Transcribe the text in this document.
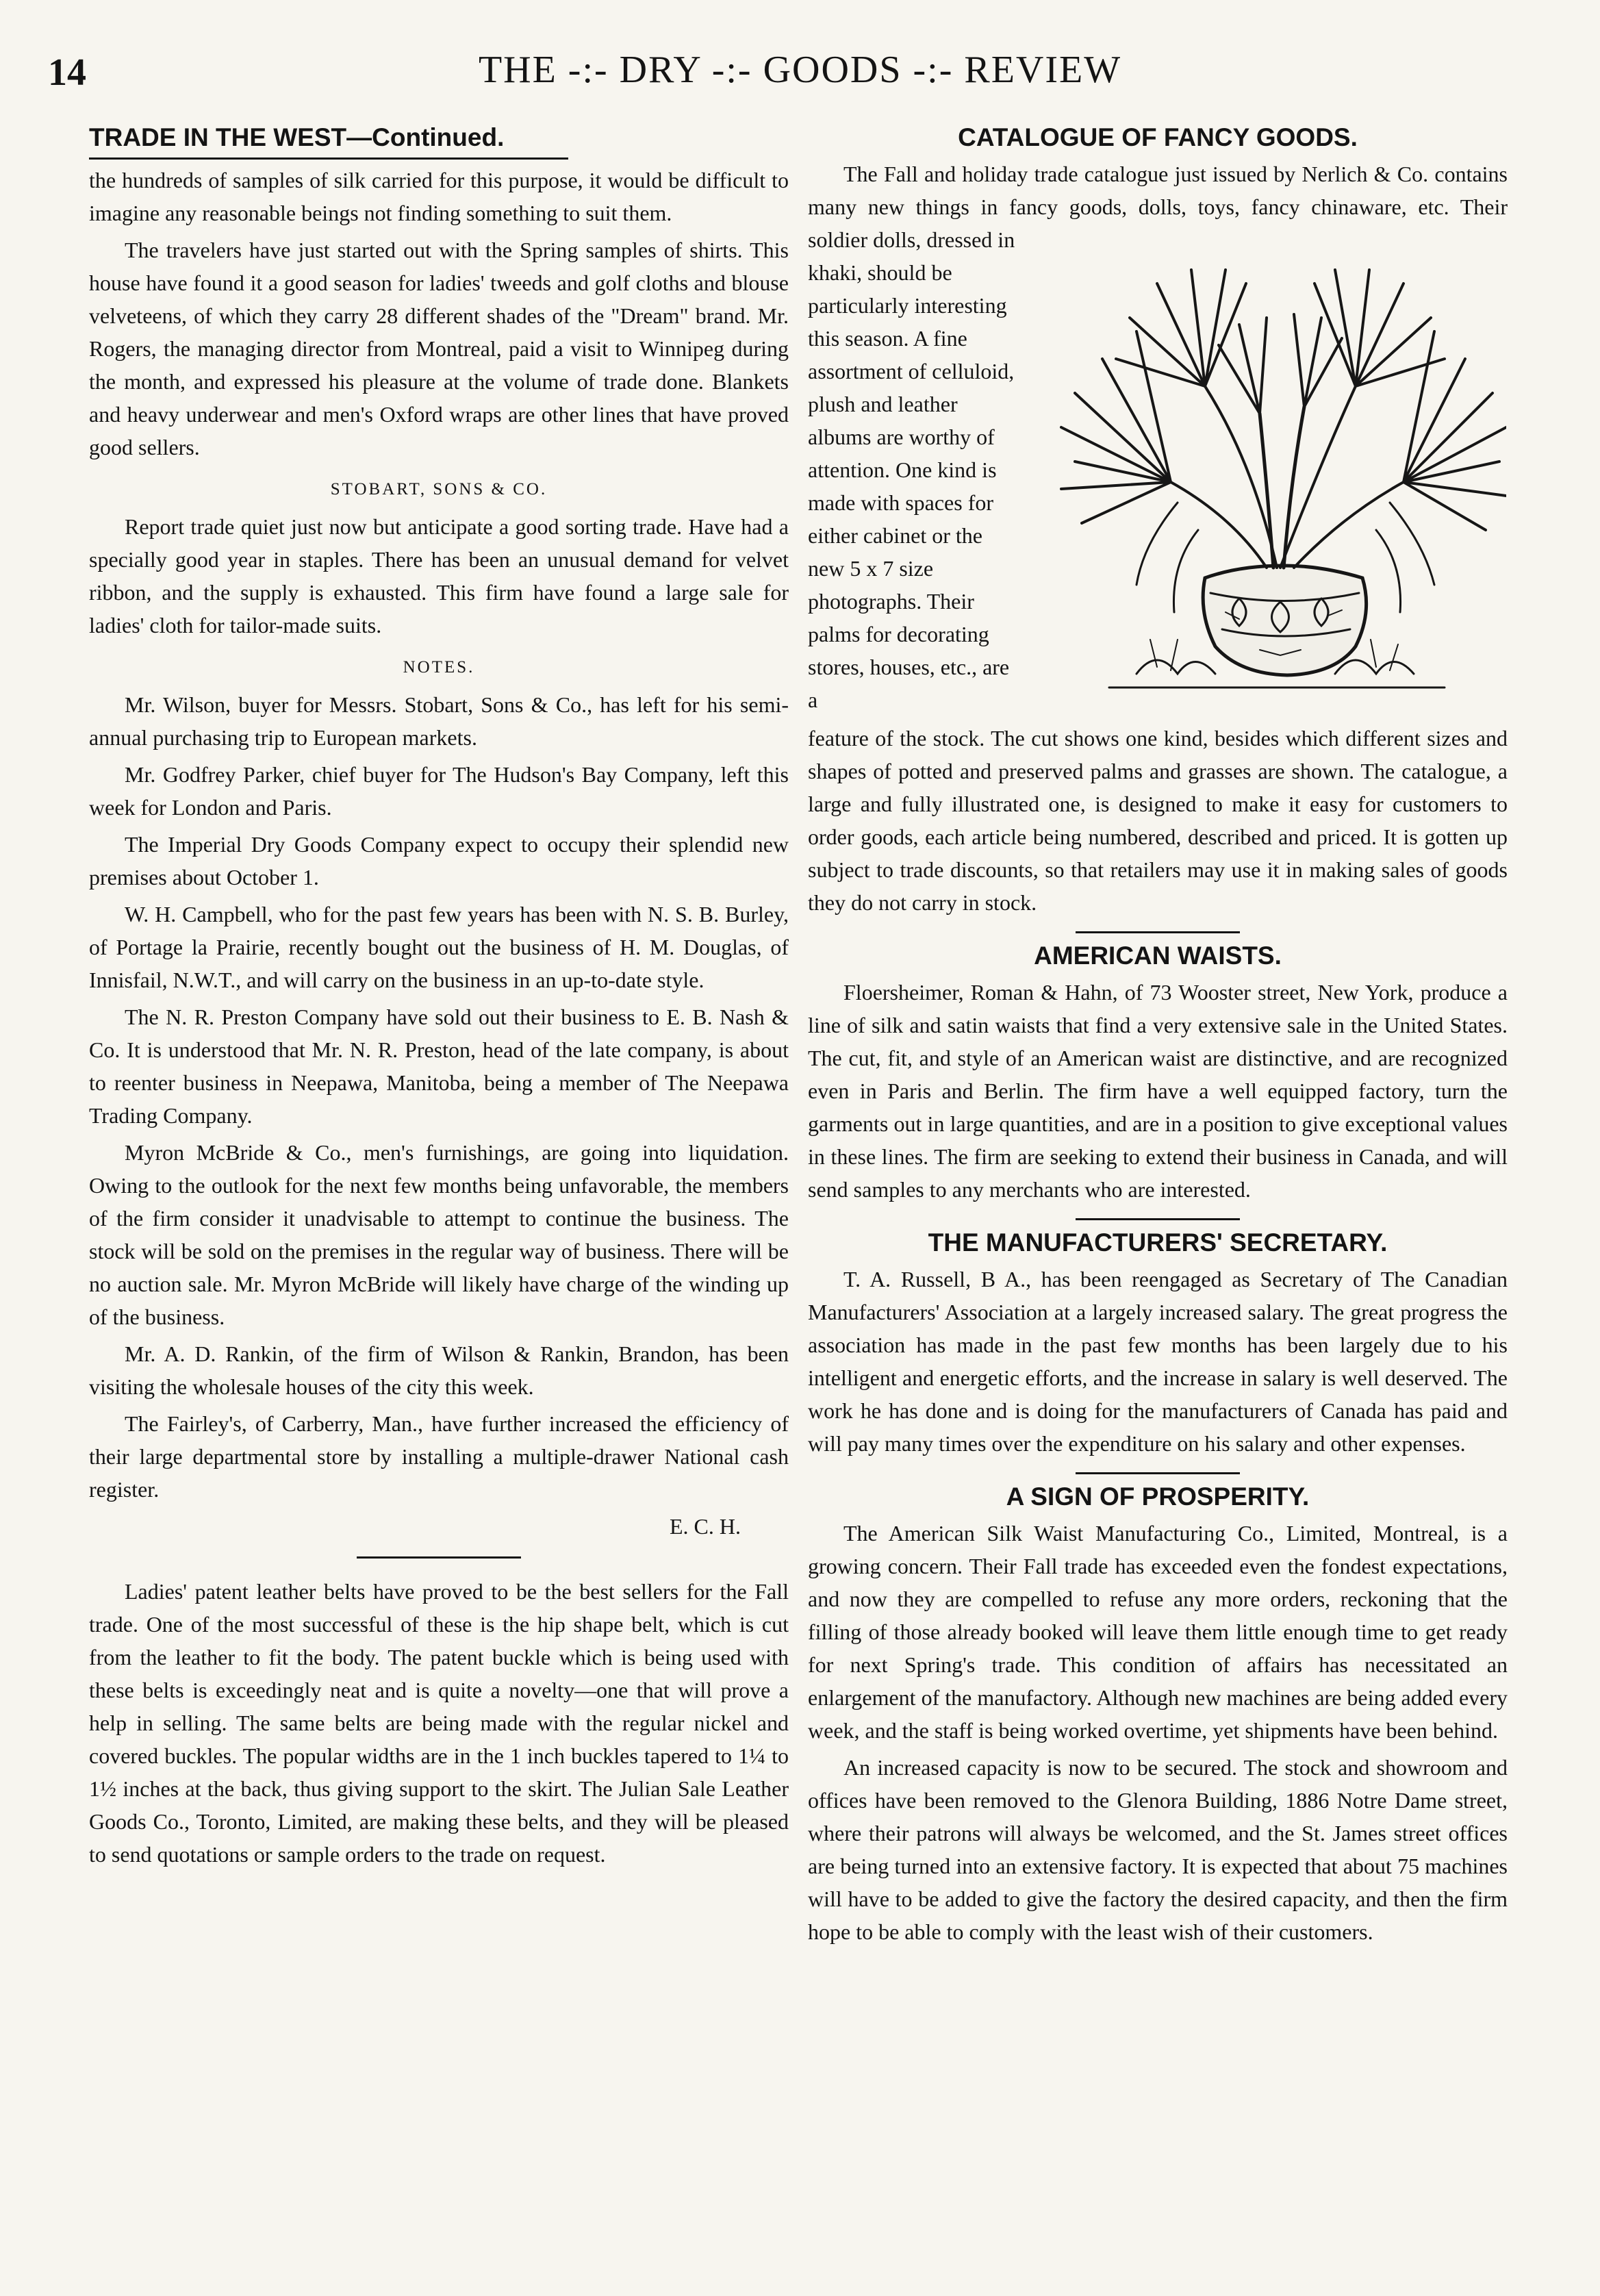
14	THE -:- DRY -:- GOODS -:- REVIEW
TRADE IN THE WEST—Continued.

the hundreds of samples of silk carried for this purpose, it would be difficult to imagine any reasonable beings not finding something to suit them.

The travelers have just started out with the Spring samples of shirts. This house have found it a good season for ladies' tweeds and golf cloths and blouse velveteens, of which they carry 28 different shades of the "Dream" brand. Mr. Rogers, the managing director from Montreal, paid a visit to Winnipeg during the month, and expressed his pleasure at the volume of trade done. Blankets and heavy underwear and men's Oxford wraps are other lines that have proved good sellers.

STOBART, SONS & CO.

Report trade quiet just now but anticipate a good sorting trade. Have had a specially good year in staples. There has been an unusual demand for velvet ribbon, and the supply is exhausted. This firm have found a large sale for ladies' cloth for tailor-made suits.

NOTES.

Mr. Wilson, buyer for Messrs. Stobart, Sons & Co., has left for his semi-annual purchasing trip to European markets.

Mr. Godfrey Parker, chief buyer for The Hudson's Bay Company, left this week for London and Paris.

The Imperial Dry Goods Company expect to occupy their splendid new premises about October 1.

W. H. Campbell, who for the past few years has been with N. S. B. Burley, of Portage la Prairie, recently bought out the business of H. M. Douglas, of Innisfail, N.W.T., and will carry on the business in an up-to-date style.

The N. R. Preston Company have sold out their business to E. B. Nash & Co. It is understood that Mr. N. R. Preston, head of the late company, is about to reenter business in Neepawa, Manitoba, being a member of The Neepawa Trading Company.

Myron McBride & Co., men's furnishings, are going into liquidation. Owing to the outlook for the next few months being unfavorable, the members of the firm consider it unadvisable to attempt to continue the business. The stock will be sold on the premises in the regular way of business. There will be no auction sale. Mr. Myron McBride will likely have charge of the winding up of the business.

Mr. A. D. Rankin, of the firm of Wilson & Rankin, Brandon, has been visiting the wholesale houses of the city this week.

The Fairley's, of Carberry, Man., have further increased the efficiency of their large departmental store by installing a multiple-drawer National cash register.

E. C. H.

Ladies' patent leather belts have proved to be the best sellers for the Fall trade. One of the most successful of these is the hip shape belt, which is cut from the leather to fit the body. The patent buckle which is being used with these belts is exceedingly neat and is quite a novelty—one that will prove a help in selling. The same belts are being made with the regular nickel and covered buckles. The popular widths are in the 1 inch buckles tapered to 1¼ to 1½ inches at the back, thus giving support to the skirt. The Julian Sale Leather Goods Co., Toronto, Limited, are making these belts, and they will be pleased to send quotations or sample orders to the trade on request.

CATALOGUE OF FANCY GOODS.

The Fall and holiday trade catalogue just issued by Nerlich & Co. contains many new things in fancy goods, dolls, toys, fancy chinaware, etc. Their soldier dolls, dressed in

khaki, should be particularly interesting this season. A fine assortment of celluloid, plush and leather albums are worthy of attention. One kind is made with spaces for either cabinet or the new 5 x 7 size photographs. Their palms for decorating stores, houses, etc., are a

feature of the stock. The cut shows one kind, besides which different sizes and shapes of potted and preserved palms and grasses are shown. The catalogue, a large and fully illustrated one, is designed to make it easy for customers to order goods, each article being numbered, described and priced. It is gotten up subject to trade discounts, so that retailers may use it in making sales of goods they do not carry in stock.

AMERICAN WAISTS.

Floersheimer, Roman & Hahn, of 73 Wooster street, New York, produce a line of silk and satin waists that find a very extensive sale in the United States. The cut, fit, and style of an American waist are distinctive, and are recognized even in Paris and Berlin. The firm have a well equipped factory, turn the garments out in large quantities, and are in a position to give exceptional values in these lines. The firm are seeking to extend their business in Canada, and will send samples to any merchants who are interested.

THE MANUFACTURERS' SECRETARY.

T. A. Russell, B A., has been reengaged as Secretary of The Canadian Manufacturers' Association at a largely increased salary. The great progress the association has made in the past few months has been largely due to his intelligent and energetic efforts, and the increase in salary is well deserved. The work he has done and is doing for the manufacturers of Canada has paid and will pay many times over the expenditure on his salary and other expenses.

A SIGN OF PROSPERITY.

The American Silk Waist Manufacturing Co., Limited, Montreal, is a growing concern. Their Fall trade has exceeded even the fondest expectations, and now they are compelled to refuse any more orders, reckoning that the filling of those already booked will leave them little enough time to get ready for next Spring's trade. This condition of affairs has necessitated an enlargement of the manufactory. Although new machines are being added every week, and the staff is being worked overtime, yet shipments have been behind.

An increased capacity is now to be secured. The stock and showroom and offices have been removed to the Glenora Building, 1886 Notre Dame street, where their patrons will always be welcomed, and the St. James street offices are being turned into an extensive factory. It is expected that about 75 machines will have to be added to give the factory the desired capacity, and then the firm hope to be able to comply with the least wish of their customers.
